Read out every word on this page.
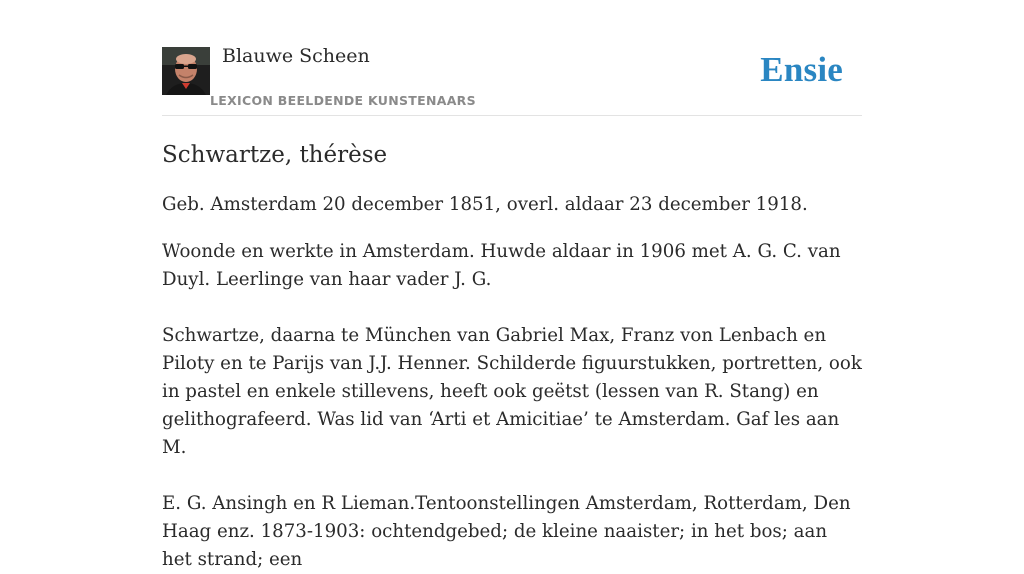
Blauwe Scheen
LEXICON BEELDENDE KUNSTENAARS
Ensie
Schwartze, thérèse

Geb. Amsterdam 20 december 1851, overl. aldaar 23 december 1918.

Woonde en werkte in Amsterdam. Huwde aldaar in 1906 met A. G. C. van Duyl. Leerlinge van haar vader J. G.

Schwartze, daarna te München van Gabriel Max, Franz von Lenbach en Piloty en te Parijs van J.J. Henner. Schilderde figuurstukken, portretten, ook in pastel en enkele stillevens, heeft ook geëtst (lessen van R. Stang) en gelithografeerd. Was lid van ‘Arti et Amicitiae’ te Amsterdam. Gaf les aan M.

E. G. Ansingh en R Lieman.Tentoonstellingen Amsterdam, Rotterdam, Den Haag enz. 1873-1903: ochtendgebed; de kleine naaister; in het bos; aan het strand; een
